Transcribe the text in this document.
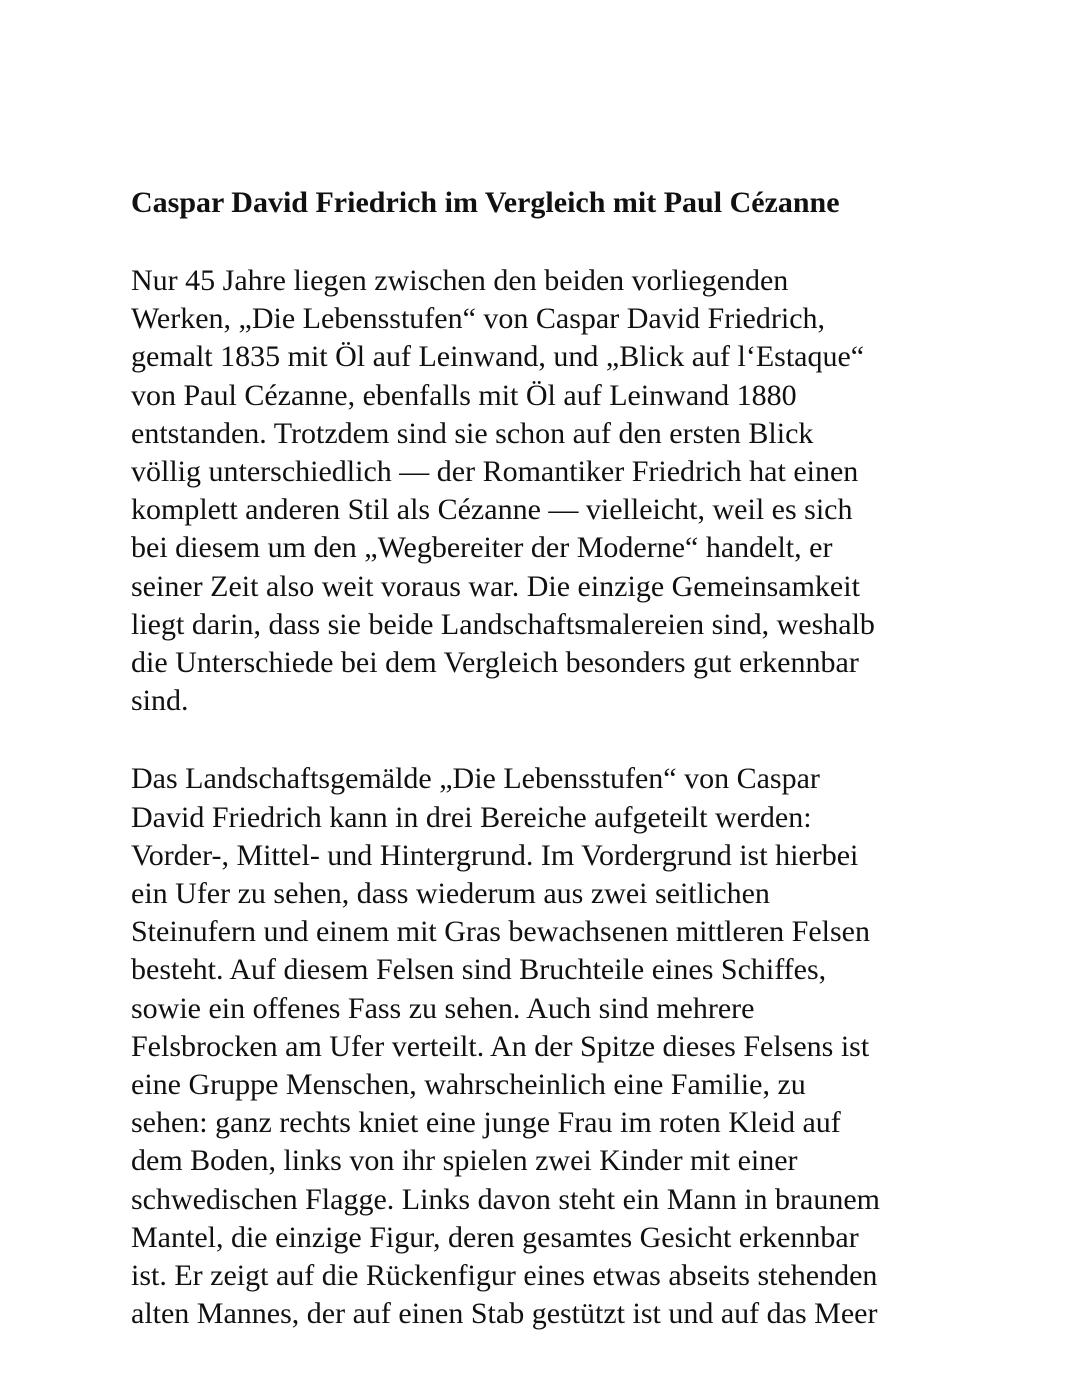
Caspar David Friedrich im Vergleich mit Paul Cézanne

Nur 45 Jahre liegen zwischen den beiden vorliegenden
Werken, „Die Lebensstufen“ von Caspar David Friedrich,
gemalt 1835 mit Öl auf Leinwand, und „Blick auf l‘Estaque“
von Paul Cézanne, ebenfalls mit Öl auf Leinwand 1880
entstanden. Trotzdem sind sie schon auf den ersten Blick
völlig unterschiedlich — der Romantiker Friedrich hat einen
komplett anderen Stil als Cézanne — vielleicht, weil es sich
bei diesem um den „Wegbereiter der Moderne“ handelt, er
seiner Zeit also weit voraus war. Die einzige Gemeinsamkeit
liegt darin, dass sie beide Landschaftsmalereien sind, weshalb
die Unterschiede bei dem Vergleich besonders gut erkennbar
sind.

Das Landschaftsgemälde „Die Lebensstufen“ von Caspar
David Friedrich kann in drei Bereiche aufgeteilt werden:
Vorder-, Mittel- und Hintergrund. Im Vordergrund ist hierbei
ein Ufer zu sehen, dass wiederum aus zwei seitlichen
Steinufern und einem mit Gras bewachsenen mittleren Felsen
besteht. Auf diesem Felsen sind Bruchteile eines Schiffes,
sowie ein offenes Fass zu sehen. Auch sind mehrere
Felsbrocken am Ufer verteilt. An der Spitze dieses Felsens ist
eine Gruppe Menschen, wahrscheinlich eine Familie, zu
sehen: ganz rechts kniet eine junge Frau im roten Kleid auf
dem Boden, links von ihr spielen zwei Kinder mit einer
schwedischen Flagge. Links davon steht ein Mann in braunem
Mantel, die einzige Figur, deren gesamtes Gesicht erkennbar
ist. Er zeigt auf die Rückenfigur eines etwas abseits stehenden
alten Mannes, der auf einen Stab gestützt ist und auf das Meer
